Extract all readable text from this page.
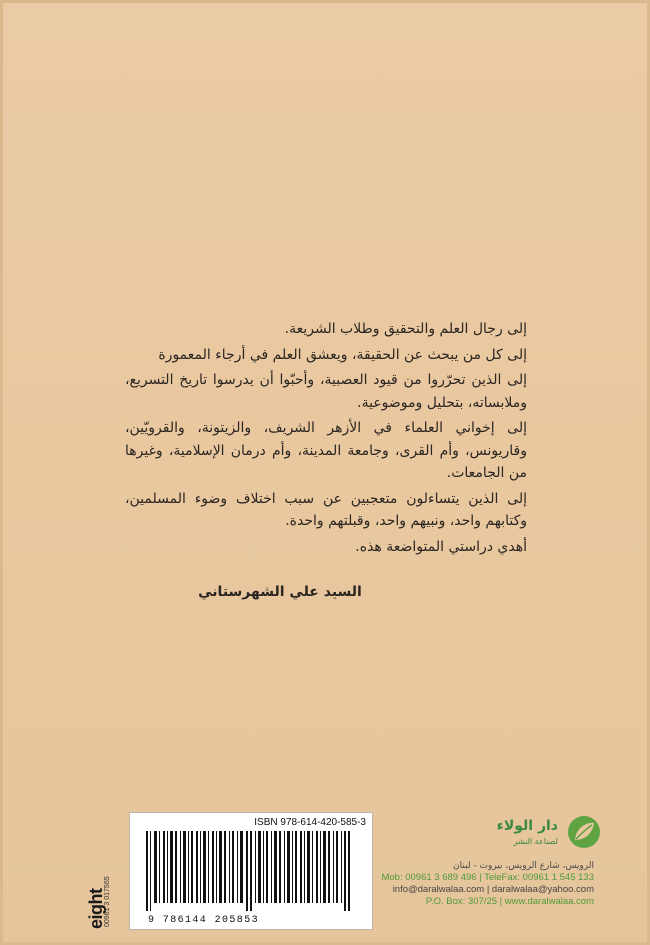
إلى رجال العلم والتحقيق وطلاب الشريعة.

إلى كل من يبحث عن الحقيقة، ويعشق العلم في أرجاء المعمورة

إلى الذين تحرّروا من قيود العصبية، وأحبّوا أن يدرسوا تاريخ التسريع، وملابساته، بتحليل وموضوعية.

إلى إخواني العلماء في الأزهر الشريف، والزيتونة، والقرويّين، وقاريونس، وأم القرى، وجامعة المدينة، وأم درمان الإسلامية، وغيرها من الجامعات.

إلى الذين يتساءلون متعجبين عن سبب اختلاف وضوء المسلمين، وكتابهم واحد، ونبيهم واحد، وقبلتهم واحدة.

أهدي دراستي المتواضعة هذه.

السيد علي الشهرستاني
eight
00961 3 017565
ISBN 978-614-420-585-3
9 786144 205853
دار الولاء
لصناعة النشر
الرويس، شارع الرويس، بيروت - لبنان
Mob: 00961 3 689 496 | TeleFax: 00961 1 545 133
info@daralwalaa.com | daralwalaa@yahoo.com
P.O. Box: 307/25 | www.daralwalaa.com
